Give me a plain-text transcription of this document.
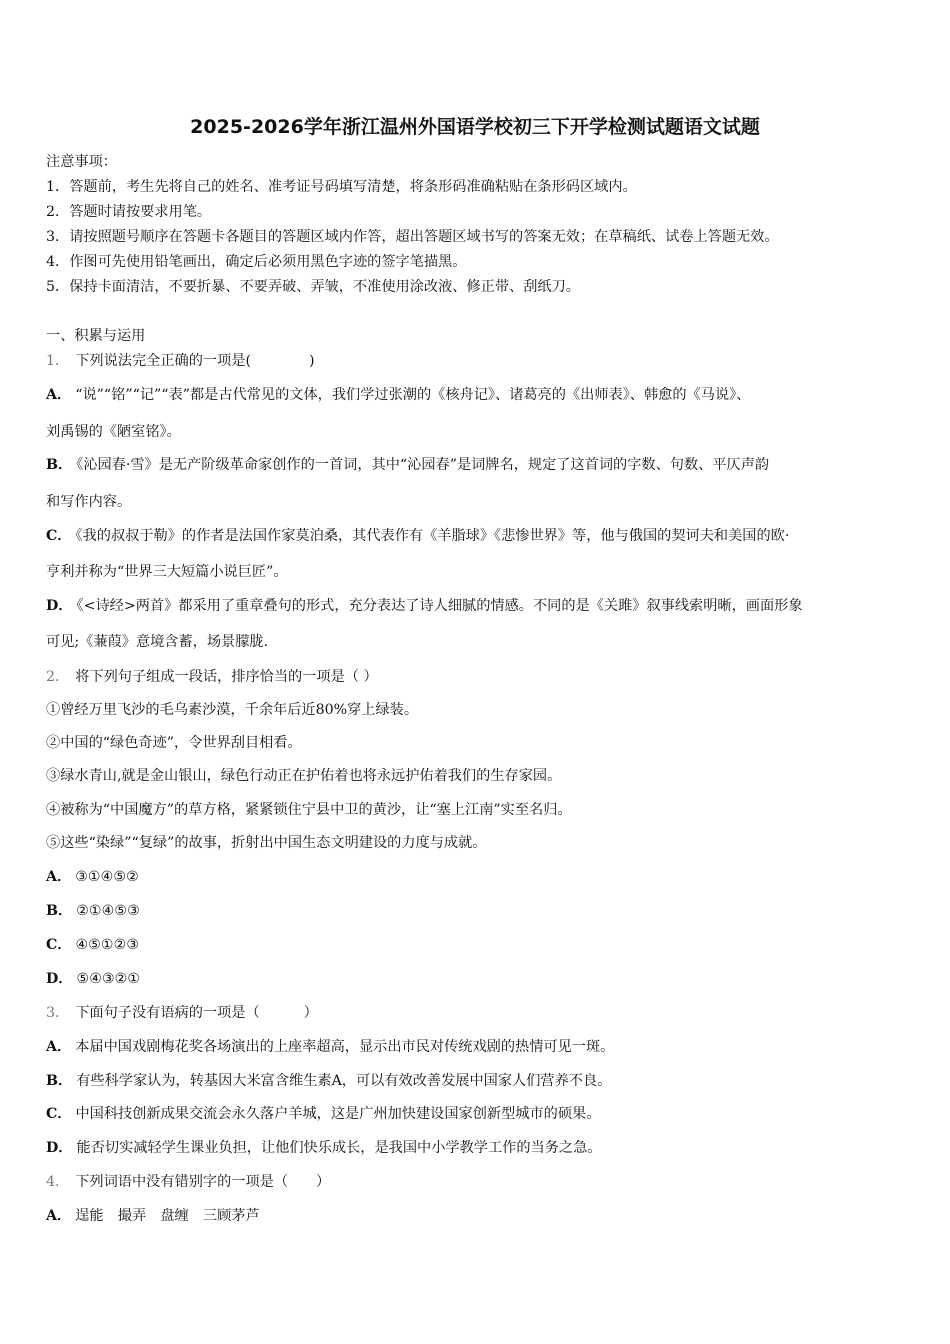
2025-2026学年浙江温州外国语学校初三下开学检测试题语文试题
注意事项：
1．答题前，考生先将自己的姓名、准考证号码填写清楚，将条形码准确粘贴在条形码区域内。
2．答题时请按要求用笔。
3．请按照题号顺序在答题卡各题目的答题区域内作答，超出答题区域书写的答案无效；在草稿纸、试卷上答题无效。
4．作图可先使用铅笔画出，确定后必须用黑色字迹的签字笔描黑。
5．保持卡面清洁，不要折暴、不要弄破、弄皱，不准使用涂改液、修正带、刮纸刀。
一、积累与运用
1． 下列说法完全正确的一项是(	)
A． “说”“铭”“记”“表”都是古代常见的文体，我们学过张潮的《核舟记》、诸葛亮的《出师表》、韩愈的《马说》、
刘禹锡的《陋室铭》。
B． 《沁园春·雪》是无产阶级革命家创作的一首词，其中“沁园春”是词牌名，规定了这首词的字数、句数、平仄声韵
和写作内容。
C． 《我的叔叔于勒》的作者是法国作家莫泊桑，其代表作有《羊脂球》《悲惨世界》等，他与俄国的契诃夫和美国的欧·
亨利并称为“世界三大短篇小说巨匠”。
D． 《<诗经>两首》都采用了重章叠句的形式，充分表达了诗人细腻的情感。不同的是《关雎》叙事线索明晰，画面形象
可见;《蒹葭》意境含蓄，场景朦胧.
2． 将下列句子组成一段话，排序恰当的一项是（ ）
①曾经万里飞沙的毛乌素沙漠，千余年后近80%穿上绿装。
②中国的“绿色奇迹”，令世界刮目相看。
③绿水青山,就是金山银山，绿色行动正在护佑着也将永远护佑着我们的生存家园。
④被称为“中国魔方”的草方格，紧紧锁住宁县中卫的黄沙，让“塞上江南”实至名归。
⑤这些“染绿”“复绿”的故事，折射出中国生态文明建设的力度与成就。
A． ③①④⑤②
B． ②①④⑤③
C． ④⑤①②③
D． ⑤④③②①
3． 下面句子没有语病的一项是（	）
A． 本届中国戏剧梅花奖各场演出的上座率超高，显示出市民对传统戏剧的热情可见一斑。
B． 有些科学家认为，转基因大米富含维生素A，可以有效改善发展中国家人们营养不良。
C． 中国科技创新成果交流会永久落户羊城，这是广州加快建设国家创新型城市的硕果。
D． 能否切实减轻学生课业负担，让他们快乐成长，是我国中小学教学工作的当务之急。
4． 下列词语中没有错别字的一项是（ ）
A． 逞能　撮弄　盘缠　三顾茅芦
